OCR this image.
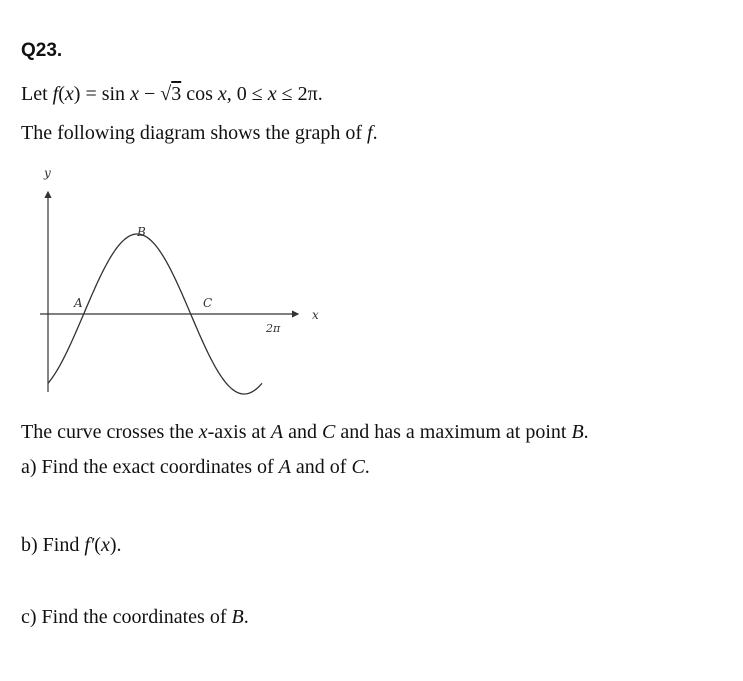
Q23.
Let f(x) = sin x − √3 cos x, 0 ≤ x ≤ 2π.
The following diagram shows the graph of f.
y
x
A
B
C
2π
The curve crosses the x-axis at A and C and has a maximum at point B.
a) Find the exact coordinates of A and of C.
b) Find f′(x).
c) Find the coordinates of B.
